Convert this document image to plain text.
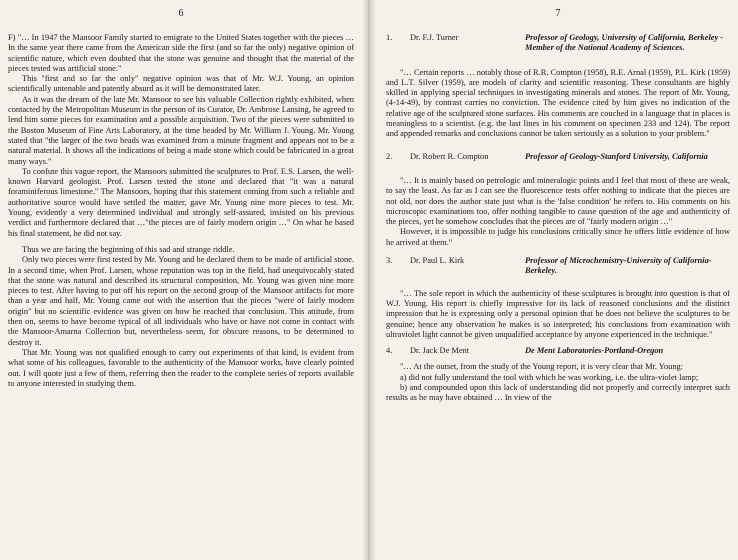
6

F) "… In 1947 the Mansoor Family started to emigrate to the United States together with the pieces … In the same year there came from the American side the first (and so far the only) negative opinion of scientific nature, which even doubted that the stone was genuine and thought that the material of the pieces tested was artificial stone."

This "first and so far the only" negative opinion was that of Mr. W.J. Young, an opinion scientifically untenable and patently absurd as it will be demonstrated later.

As it was the dream of the late Mr. Mansoor to see his valuable Collection rightly exhibited, when contacted by the Metropolitan Museum in the person of its Curator, Dr. Ambrose Lansing, he agreed to lend him some pieces for examination and a possible acquisition. Two of the pieces were submitted to the Boston Museum of Fine Arts Laboratory, at the time headed by Mr. William J. Young. Mr. Young stated that "the larger of the two heads was examined from a minute fragment and appears not to be a natural material. It shows all the indications of being a made stone which could be fabricated in a great many ways."

To confute this vague report, the Mansoors submitted the sculptures to Prof. E.S. Larsen, the well-known Harvard geologist. Prof. Larsen tested the stone and declared that "it was a natural foraminiferous limestone." The Mansoors, hoping that this statement coming from such a reliable and authoritative source would have settled the matter, gave Mr. Young nine more pieces to test. Mr. Young, evidently a very determined individual and strongly self-assured, insisted on his previous verdict and furthermore declared that …"the pieces are of fairly modern origin …" On what he based his final statement, he did not say.

Thus we are facing the beginning of this sad and strange riddle.

Only two pieces were first tested by Mr. Young and he declared them to be made of artificial stone. In a second time, when Prof. Larsen, whose reputation was top in the field, had unequivocably stated that the stone was natural and described its structural composition, Mr. Young was given nine more pieces to test. After having to put off his report on the second group of the Mansoor artifacts for more than a year and half, Mr. Young came out with the assertion that the pieces "were of fairly modern origin" but no scientific evidence was given on how he reached that conclusion. This attitude, from then on, seems to have become typical of all individuals who have or have not come in contact with the Mansoor-Amarna Collection but, nevertheless seem, for obscure reasons, to be determined to destroy it.

That Mr. Young was not qualified enough to carry out experiments of that kind, is evident from what some of his colleagues, favorable to the authenticity of the Mansoor works, have clearly pointed out. I will quote just a few of them, referring then the reader to the complete series of reports available to anyone interested in studying them.

7
1.	Dr. F.J. Turner	Professor of Geology, University of California, Berkeley - Member of the National Academy of Sciences.

"… Certain reports … notably those of R.R. Compton (1958), R.E. Arnal (1959), P.L. Kirk (1959) and L.T. Silver (1959), are models of clarity and scientific reasoning. These consultants are highly skilled in applying special techniques in investigating minerals and stones. The report of Mr. Young, (4-14-49), by contrast carries no conviction. The evidence cited by him gives no indication of the relative age of the sculptured stone surfaces. His comments are couched in a language that in places is meaningless to a scientist. (e.g. the last lines in his comment on specimen 233 and 124). The report and appended remarks and conclusions cannot be taken seriously as a solution to your problem."

2.	Dr. Robert R. Compton	Professor of Geology-Stanford University, California

"… It is mainly based on petrologic and mineralogic points and I feel that most of these are weak, to say the least. As far as I can see the fluorescence tests offer nothing to indicate that the pieces are not old, nor does the author state just what is the 'false condition' he refers to. His comments on his microscopic examinations too, offer nothing tangible to cause question of the age and authenticity of the pieces, yet he somehow concludes that the pieces are of "fairly modern origin …"

However, it is impossible to judge his conclusions critically since he offers little evidence of how he arrived at them."

3.	Dr. Paul L. Kirk	Professor of Microchemistry-University of California-Berkeley.

"… The sole report in which the authenticity of these sculptures is brought into question is that of W.J. Young. His report is chiefly impressive for its lack of reasoned conclusions and the distinct impression that he is expressing only a personal opinion that he does not believe the sculptures to be genuine; hence any observation he makes is so interpreted; his conclusions from examination with ultraviolet light cannot be given unqualified acceptance by anyone experienced in the technique."

4.	Dr. Jack De Ment	De Ment Laboratories-Portland-Oregon

"… At the outset, from the study of the Young report, it is very clear that Mr. Young:

a) did not fully understand the tool with which he was working, i.e. the ultra-violet lamp;

b) and compounded upon this lack of understanding did not properly and correctly interpret such results as he may have obtained … In view of the
